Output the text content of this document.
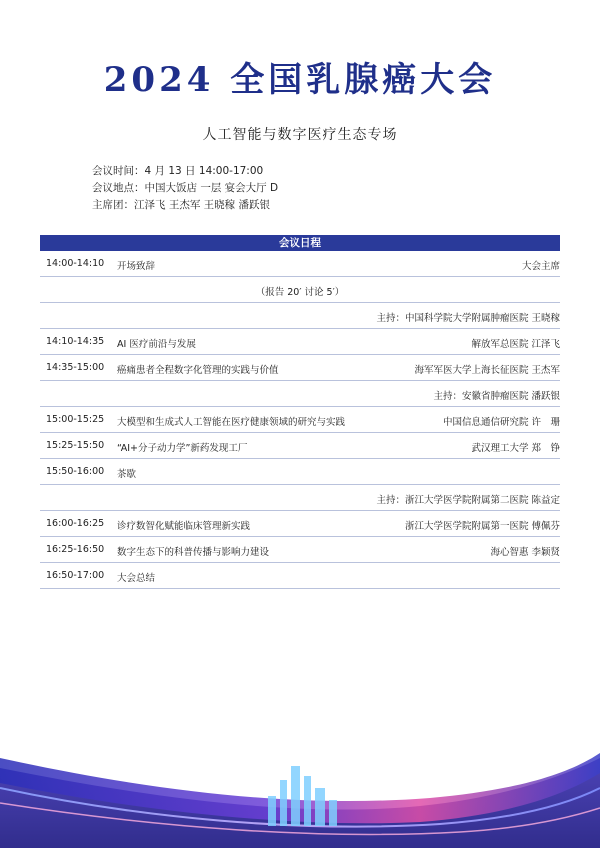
2024 全国乳腺癌大会
人工智能与数字医疗生态专场
会议时间：4 月 13 日 14:00-17:00
会议地点：中国大饭店 一层 宴会大厅 D
主席团：江泽飞 王杰军 王晓稼 潘跃银
会议日程
14:00-14:10 开场致辞	大会主席
（报告 20′ 讨论 5′）
主持：中国科学院大学附属肿瘤医院 王晓稼
14:10-14:35 AI 医疗前沿与发展	解放军总医院 江泽飞
14:35-15:00 癌痛患者全程数字化管理的实践与价值	海军军医大学上海长征医院 王杰军
主持：安徽省肿瘤医院 潘跃银
15:00-15:25 大模型和生成式人工智能在医疗健康领域的研究与实践	中国信息通信研究院 许　珊
15:25-15:50 “AI+分子动力学”新药发现工厂	武汉理工大学 郑　铮
15:50-16:00 茶歇
主持：浙江大学医学院附属第二医院 陈益定
16:00-16:25 诊疗数智化赋能临床管理新实践	浙江大学医学院附属第一医院 傅佩芬
16:25-16:50 数字生态下的科普传播与影响力建设	海心智惠 李颖贤
16:50-17:00 大会总结
